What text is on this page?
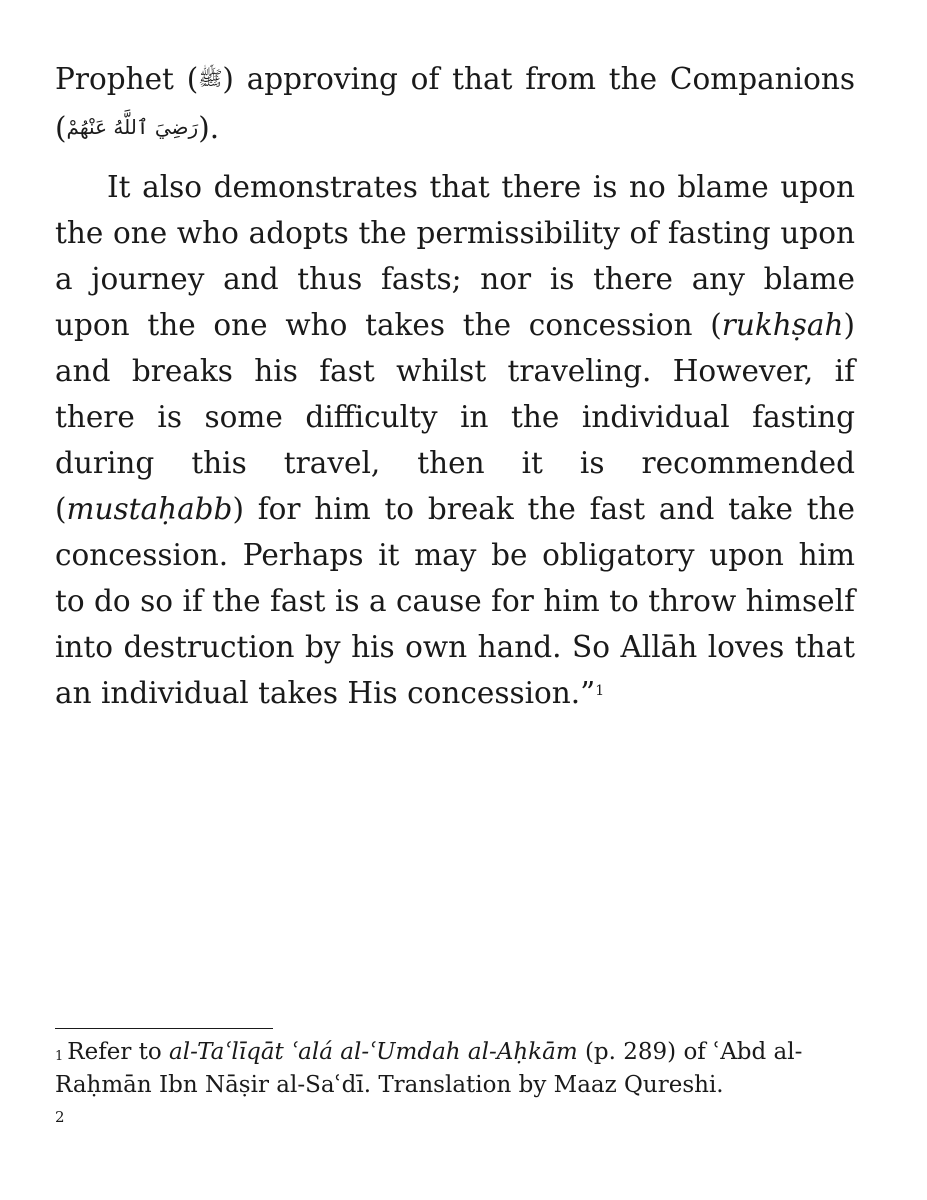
Prophet (ﷺ) approving of that from the Companions (رَضِيَ ٱللَّهُ عَنْهُمْ).

It also demonstrates that there is no blame upon the one who adopts the permissibility of fasting upon a journey and thus fasts; nor is there any blame upon the one who takes the concession (rukhṣah) and breaks his fast whilst traveling. However, if there is some difficulty in the individual fasting during this travel, then it is recommended (mustaḥabb) for him to break the fast and take the concession. Perhaps it may be obligatory upon him to do so if the fast is a cause for him to throw himself into destruction by his own hand. So Allāh loves that an individual takes His concession.”$^1$

$^1$ Refer to al-Taʿlīqāt ʿalá al-ʿUmdah al-Aḥkām (p. 289) of ʿAbd al-Raḥmān Ibn Nāṣir al-Saʿdī. Translation by Maaz Qureshi.
2
